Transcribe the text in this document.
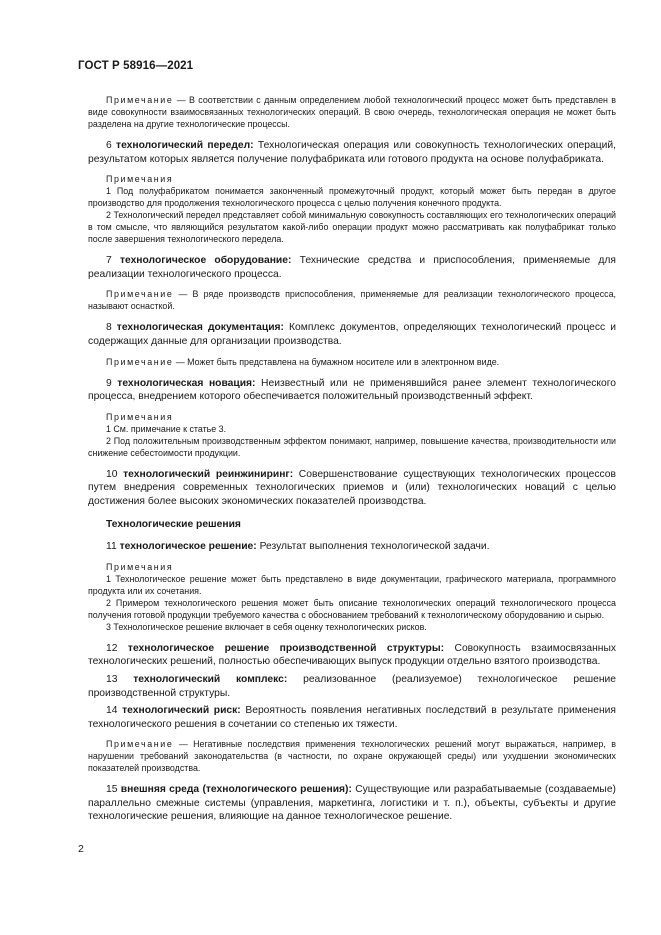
ГОСТ Р 58916—2021

Примечание — В соответствии с данным определением любой технологический процесс может быть представлен в виде совокупности взаимосвязанных технологических операций. В свою очередь, технологическая операция не может быть разделена на другие технологические процессы.

6 технологический передел: Технологическая операция или совокупность технологических операций, результатом которых является получение полуфабриката или готового продукта на основе полуфабриката.

Примечания

1 Под полуфабрикатом понимается законченный промежуточный продукт, который может быть передан в другое производство для продолжения технологического процесса с целью получения конечного продукта.

2 Технологический передел представляет собой минимальную совокупность составляющих его технологических операций в том смысле, что являющийся результатом какой-либо операции продукт можно рассматривать как полуфабрикат только после завершения технологического передела.

7 технологическое оборудование: Технические средства и приспособления, применяемые для реализации технологического процесса.

Примечание — В ряде производств приспособления, применяемые для реализации технологического процесса, называют оснасткой.

8 технологическая документация: Комплекс документов, определяющих технологический процесс и содержащих данные для организации производства.

Примечание — Может быть представлена на бумажном носителе или в электронном виде.

9 технологическая новация: Неизвестный или не применявшийся ранее элемент технологического процесса, внедрением которого обеспечивается положительный производственный эффект.

Примечания

1 См. примечание к статье 3.

2 Под положительным производственным эффектом понимают, например, повышение качества, производительности или снижение себестоимости продукции.

10 технологический реинжиниринг: Совершенствование существующих технологических процессов путем внедрения современных технологических приемов и (или) технологических новаций с целью достижения более высоких экономических показателей производства.

Технологические решения

11 технологическое решение: Результат выполнения технологической задачи.

Примечания

1 Технологическое решение может быть представлено в виде документации, графического материала, программного продукта или их сочетания.

2 Примером технологического решения может быть описание технологических операций технологического процесса получения готовой продукции требуемого качества с обоснованием требований к технологическому оборудованию и сырью.

3 Технологическое решение включает в себя оценку технологических рисков.

12 технологическое решение производственной структуры: Совокупность взаимосвязанных технологических решений, полностью обеспечивающих выпуск продукции отдельно взятого производства.

13 технологический комплекс: реализованное (реализуемое) технологическое решение производственной структуры.

14 технологический риск: Вероятность появления негативных последствий в результате применения технологического решения в сочетании со степенью их тяжести.

Примечание — Негативные последствия применения технологических решений могут выражаться, например, в нарушении требований законодательства (в частности, по охране окружающей среды) или ухудшении экономических показателей производства.

15 внешняя среда (технологического решения): Существующие или разрабатываемые (создаваемые) параллельно смежные системы (управления, маркетинга, логистики и т. п.), объекты, субъекты и другие технологические решения, влияющие на данное технологическое решение.

2
